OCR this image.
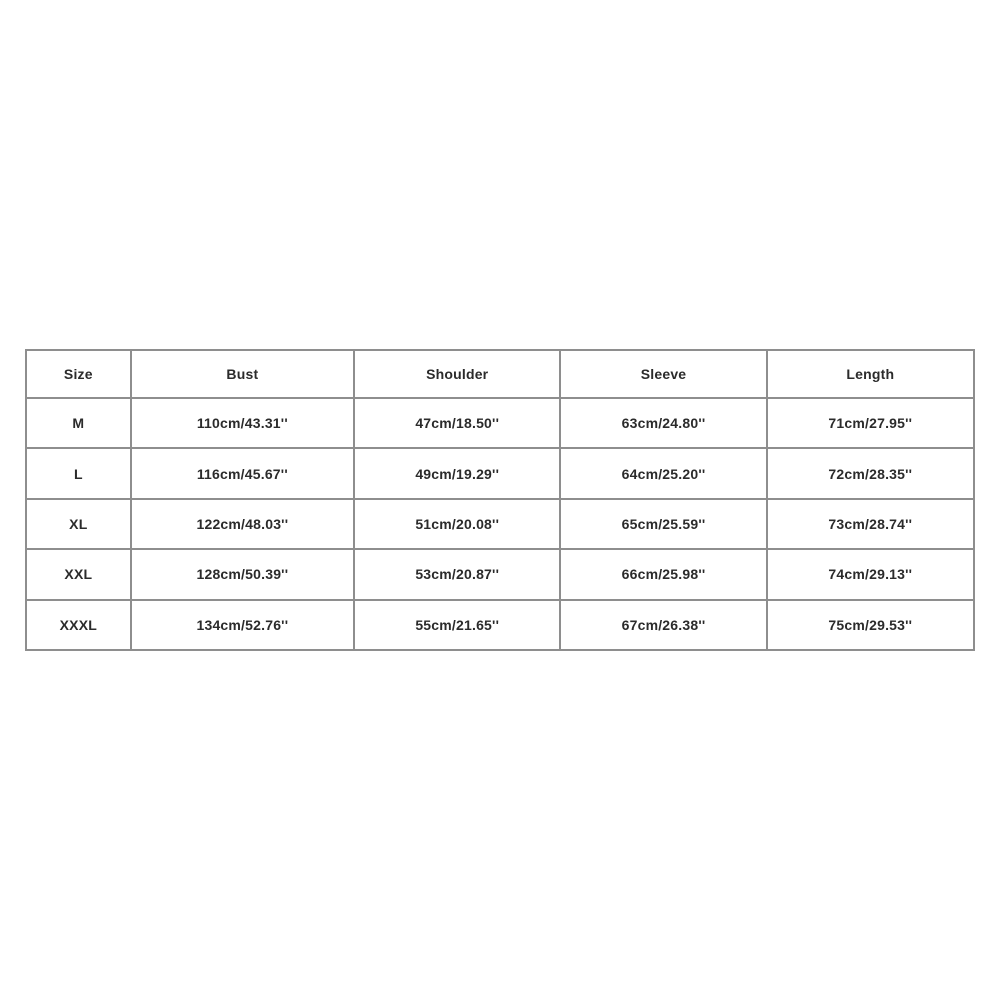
Size	Bust	Shoulder	Sleeve	Length
M	110cm/43.31''	47cm/18.50''	63cm/24.80''	71cm/27.95''
L	116cm/45.67''	49cm/19.29''	64cm/25.20''	72cm/28.35''
XL	122cm/48.03''	51cm/20.08''	65cm/25.59''	73cm/28.74''
XXL	128cm/50.39''	53cm/20.87''	66cm/25.98''	74cm/29.13''
XXXL	134cm/52.76''	55cm/21.65''	67cm/26.38''	75cm/29.53''
